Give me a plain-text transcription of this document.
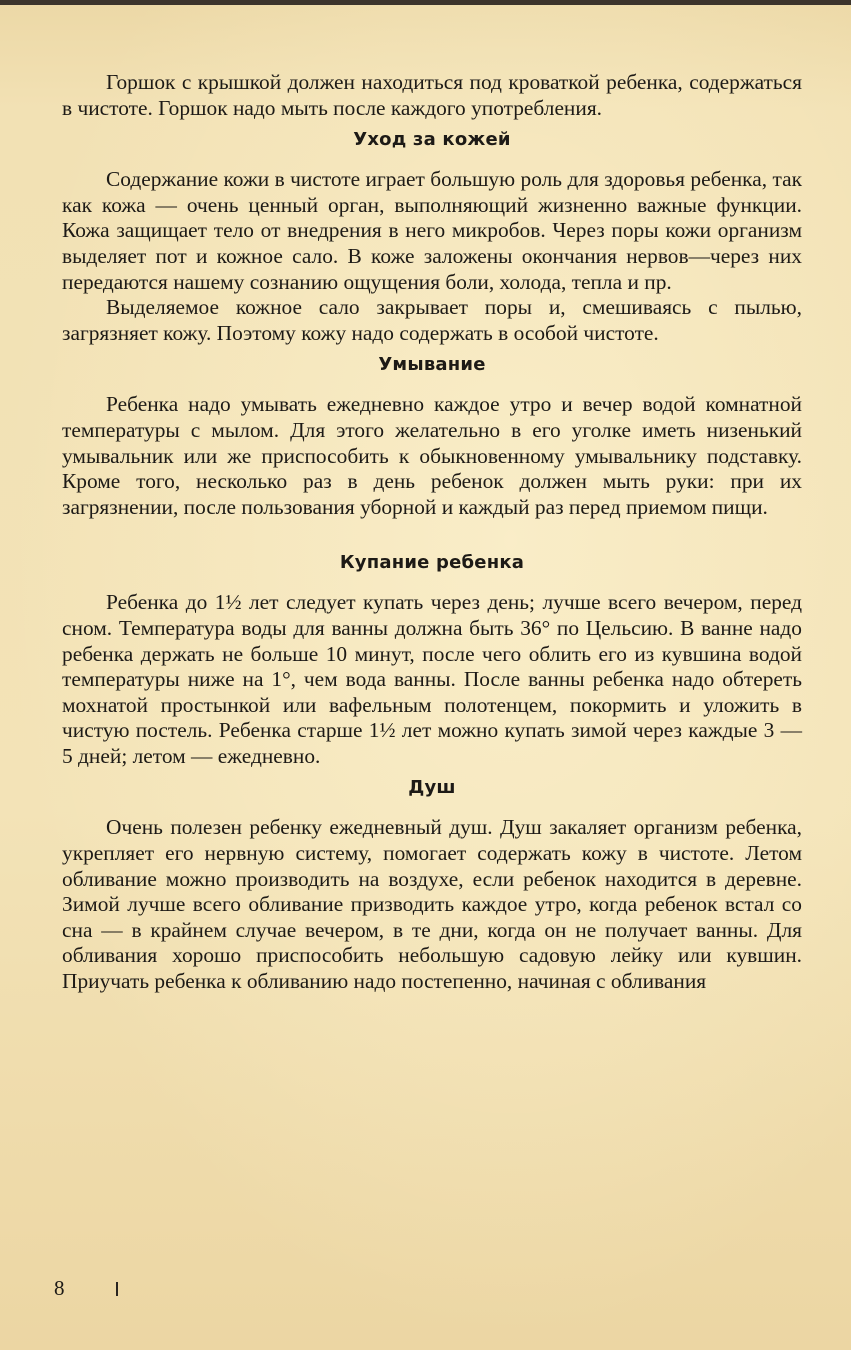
Горшок с крышкой должен находиться под кроваткой ребенка, содержаться в чистоте. Горшок надо мыть после каждого употребления.

Уход за кожей

Содержание кожи в чистоте играет большую роль для здоровья ребенка, так как кожа — очень ценный орган, выполняющий жизненно важные функции. Кожа защищает тело от внедрения в него микробов. Через поры кожи организм выделяет пот и кожное сало. В коже заложены окончания нервов—через них передаются нашему сознанию ощущения боли, холода, тепла и пр.

Выделяемое кожное сало закрывает поры и, смешиваясь с пылью, загрязняет кожу. Поэтому кожу надо содержать в особой чистоте.

Умывание

Ребенка надо умывать ежедневно каждое утро и вечер водой комнатной температуры с мылом. Для этого желательно в его уголке иметь низенький умывальник или же приспособить к обыкновенному умывальнику подставку. Кроме того, несколько раз в день ребенок должен мыть руки: при их загрязнении, после пользования уборной и каждый раз перед приемом пищи.

Купание ребенка

Ребенка до 1½ лет следует купать через день; лучше всего вечером, перед сном. Температура воды для ванны должна быть 36° по Цельсию. В ванне надо ребенка держать не больше 10 минут, после чего облить его из кувшина водой температуры ниже на 1°, чем вода ванны. После ванны ребенка надо обтереть мохнатой простынкой или вафельным полотенцем, покормить и уложить в чистую постель. Ребенка старше 1½ лет можно купать зимой через каждые 3 — 5 дней; летом — ежедневно.

Душ

Очень полезен ребенку ежедневный душ. Душ закаляет организм ребенка, укрепляет его нервную систему, помогает содержать кожу в чистоте. Летом обливание можно производить на воздухе, если ребенок находится в деревне. Зимой лучше всего обливание призводить каждое утро, когда ребенок встал со сна — в крайнем случае вечером, в те дни, когда он не получает ванны. Для обливания хорошо приспособить небольшую садовую лейку или кувшин. Приучать ребенка к обливанию надо постепенно, начиная с обливания

8
